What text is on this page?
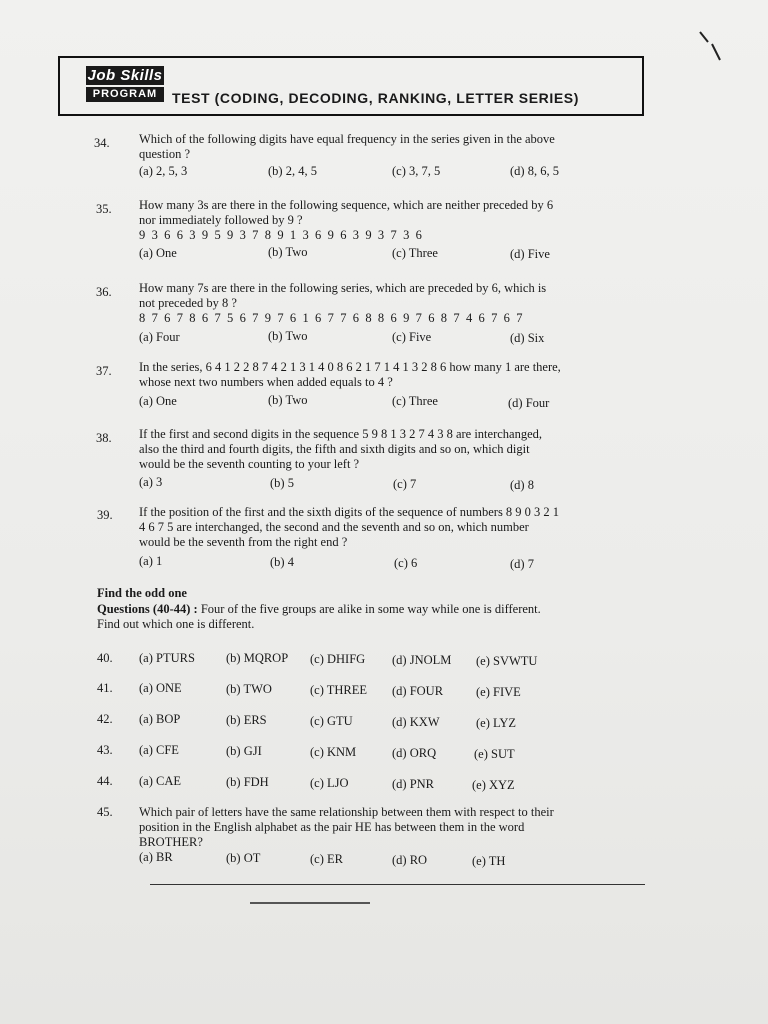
Job Skills
PROGRAM	TEST (CODING, DECODING, RANKING, LETTER SERIES)
34. Which of the following digits have equal frequency in the series given in the above
question ?
(a) 2, 5, 3	(b) 2, 4, 5	(c) 3, 7, 5	(d) 8, 6, 5
35. How many 3s are there in the following sequence, which are neither preceded by 6
nor immediately followed by 9 ?
9 3 6 6 3 9 5 9 3 7 8 9 1 3 6 9 6 3 9 3 7 3 6
(a) One	(b) Two	(c) Three	(d) Five
36. How many 7s are there in the following series, which are preceded by 6, which is
not preceded by 8 ?
8 7 6 7 8 6 7 5 6 7 9 7 6 1 6 7 7 6 8 8 6 9 7 6 8 7 4 6 7 6 7
(a) Four	(b) Two	(c) Five	(d) Six
37. In the series, 6 4 1 2 2 8 7 4 2 1 3 1 4 0 8 6 2 1 7 1 4 1 3 2 8 6 how many 1 are there,
whose next two numbers when added equals to 4 ?
(a) One	(b) Two	(c) Three	(d) Four
38. If the first and second digits in the sequence 5 9 8 1 3 2 7 4 3 8 are interchanged,
also the third and fourth digits, the fifth and sixth digits and so on, which digit
would be the seventh counting to your left ?
(a) 3	(b) 5	(c) 7	(d) 8
39. If the position of the first and the sixth digits of the sequence of numbers 8 9 0 3 2 1
4 6 7 5 are interchanged, the second and the seventh and so on, which number
would be the seventh from the right end ?
(a) 1	(b) 4	(c) 6	(d) 7
Find the odd one
Questions (40-44) : Four of the five groups are alike in some way while one is different.
Find out which one is different.
40. (a) PTURS (b) MQROP (c) DHIFG (d) JNOLM (e) SVWTU
41. (a) ONE	(b) TWO	(c) THREE (d) FOUR	(e) FIVE
42. (a) BOP	(b) ERS	(c) GTU	(d) KXW	(e) LYZ
43. (a) CFE	(b) GJI	(c) KNM	(d) ORQ	(e) SUT
44. (a) CAE	(b) FDH	(c) LJO	(d) PNR	(e) XYZ
45. Which pair of letters have the same relationship between them with respect to their
position in the English alphabet as the pair HE has between them in the word
BROTHER?
(a) BR	(b) OT	(c) ER	(d) RO	(e) TH
